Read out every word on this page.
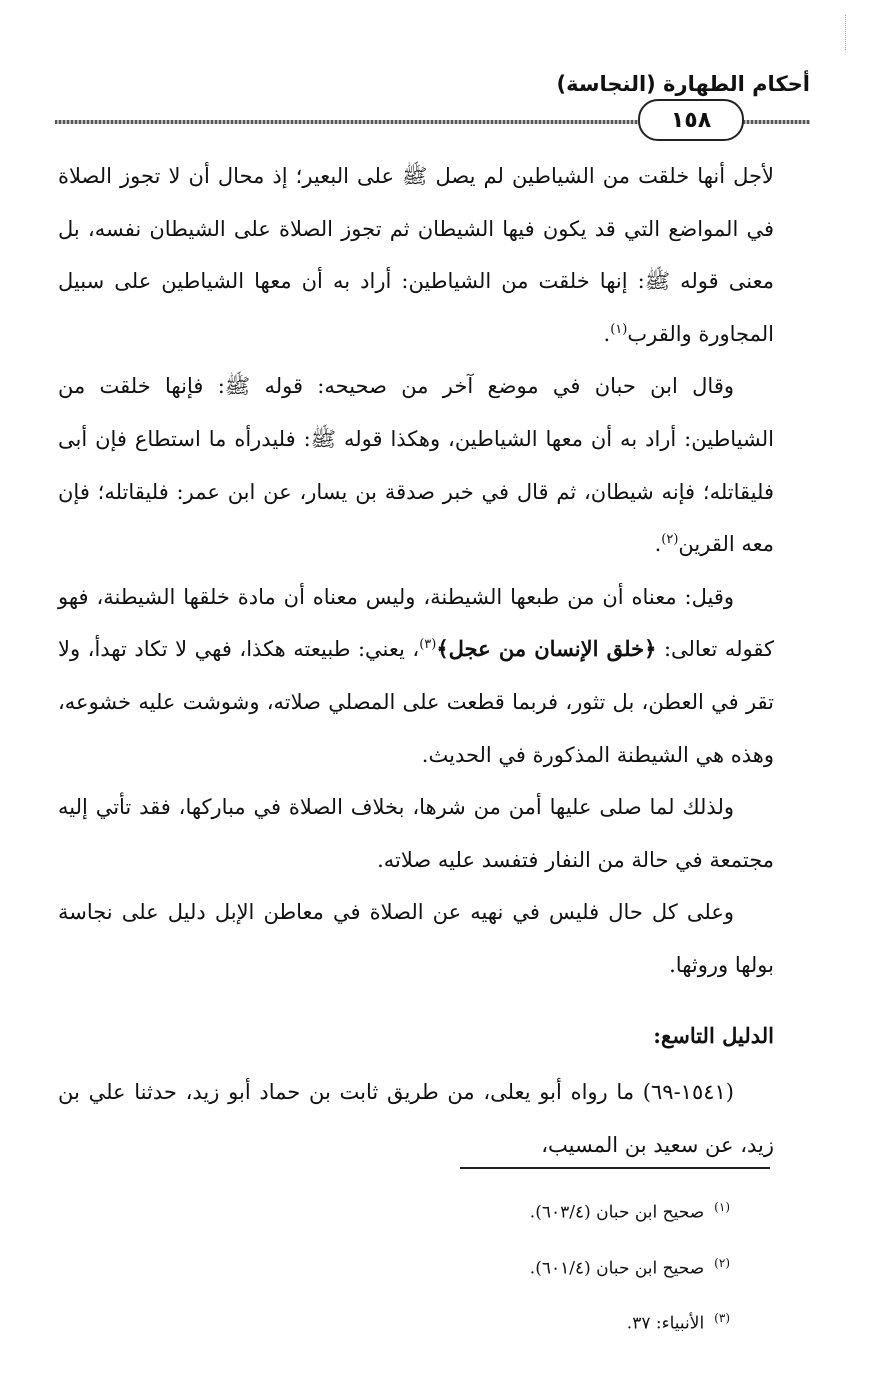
أحكام الطهارة (النجاسة)
١٥٨

لأجل أنها خلقت من الشياطين لم يصل ﷺ على البعير؛ إذ محال أن لا تجوز الصلاة في المواضع التي قد يكون فيها الشيطان ثم تجوز الصلاة على الشيطان نفسه، بل معنى قوله ﷺ: إنها خلقت من الشياطين: أراد به أن معها الشياطين على سبيل المجاورة والقرب$^{(١)}$.

وقال ابن حبان في موضع آخر من صحيحه: قوله ﷺ: فإنها خلقت من الشياطين: أراد به أن معها الشياطين، وهكذا قوله ﷺ: فليدرأه ما استطاع فإن أبى فليقاتله؛ فإنه شيطان، ثم قال في خبر صدقة بن يسار، عن ابن عمر: فليقاتله؛ فإن معه القرين$^{(٢)}$.

وقيل: معناه أن من طبعها الشيطنة، وليس معناه أن مادة خلقها الشيطنة، فهو كقوله تعالى: ﴿خلق الإنسان من عجل﴾$^{(٣)}$، يعني: طبيعته هكذا، فهي لا تكاد تهدأ، ولا تقر في العطن، بل تثور، فربما قطعت على المصلي صلاته، وشوشت عليه خشوعه، وهذه هي الشيطنة المذكورة في الحديث.

ولذلك لما صلى عليها أمن من شرها، بخلاف الصلاة في مباركها، فقد تأتي إليه مجتمعة في حالة من النفار فتفسد عليه صلاته.

وعلى كل حال فليس في نهيه عن الصلاة في معاطن الإبل دليل على نجاسة بولها وروثها.

الدليل التاسع:

(١٥٤١-٦٩) ما رواه أبو يعلى، من طريق ثابت بن حماد أبو زيد، حدثنا علي بن زيد، عن سعيد بن المسيب،

$^{(١)}$صحيح ابن حبان (٦٠٣/٤).

$^{(٢)}$صحيح ابن حبان (٦٠١/٤).

$^{(٣)}$الأنبياء: ٣٧.
